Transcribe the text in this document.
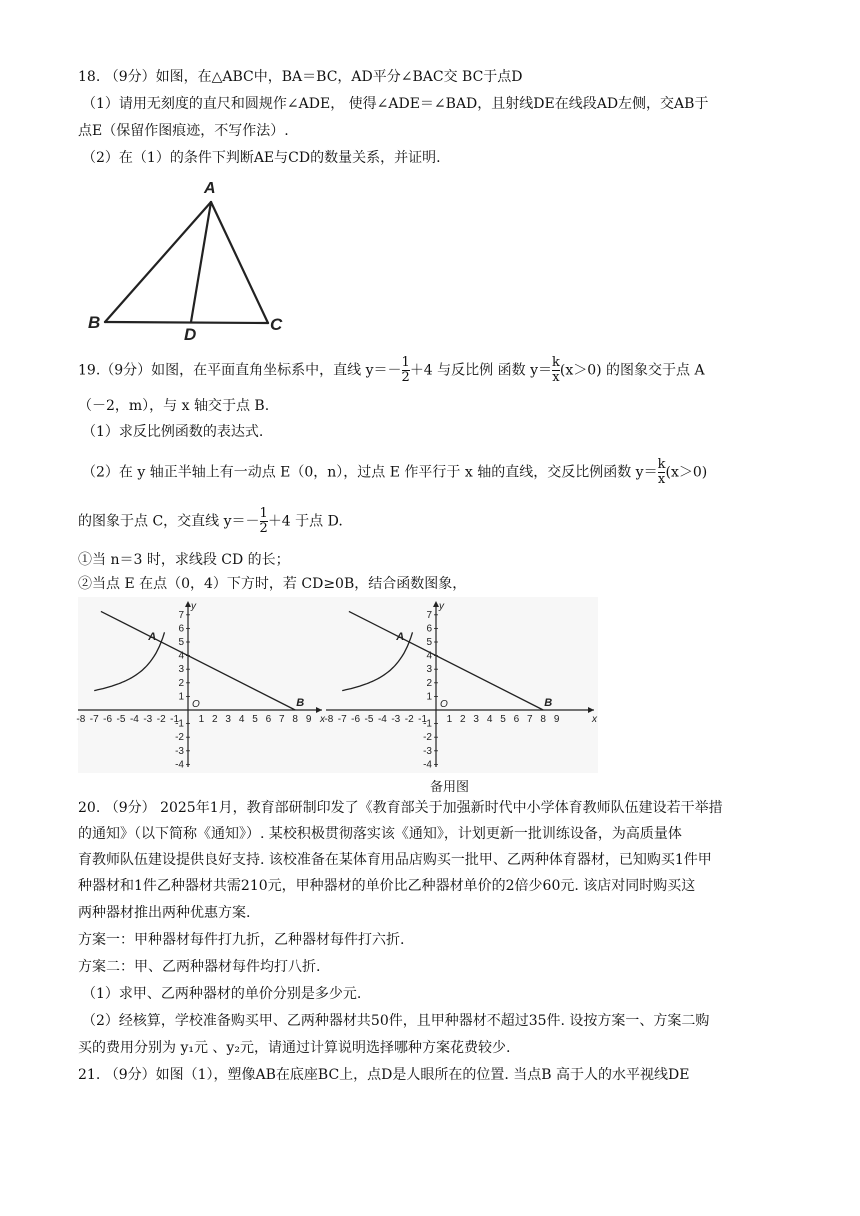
18. （9分）如图，在△ABC中，BA＝BC，AD平分∠BAC交 BC于点D
（1）请用无刻度的直尺和圆规作∠ADE， 使得∠ADE＝∠BAD，且射线DE在线段AD左侧，交AB于
点E（保留作图痕迹，不写作法）.
（2）在（1）的条件下判断AE与CD的数量关系，并证明.
A
B	C
D
19.（9分）如图，在平面直角坐标系中，直线 $y=- \frac{1}{2} +4$ 与反比例 函数 $y= \frac{k}{x} (x>0)$ 的图象交于点 A
（－2，m），与 x 轴交于点 B.
（1）求反比例函数的表达式.
（2）在 y 轴正半轴上有一动点 E（0，n），过点 E 作平行于 x 轴的直线，交反比例函数 $y= \frac{k}{x} (x>0)$
的图象于点 C，交直线 $y=- \frac{1}{2} +4$ 于点 D.
①当 n＝3 时，求线段 CD 的长；
②当点 E 在点（0，4）下方时，若 CD≥0B，结合函数图象，
7
6
5
4
3
2
1
-1
-2
-3
-4
-8 -7 -6 -5 -4 -3 -2 -1 1 2 3 4 5 6 7 8 9
y
x
O
A
B
7
6
5
4
3
2
1
-1
-2
-3
-4
-8 -7 -6 -5 -4 -3 -2 -1 1 2 3 4 5 6 7 8 9
y
x
O
A
B
备用图
20. （9分） 2025年1月，教育部研制印发了《教育部关于加强新时代中小学体育教师队伍建设若干举措
的通知》（以下简称《通知》）. 某校积极贯彻落实该《通知》，计划更新一批训练设备，为高质量体
育教师队伍建设提供良好支持. 该校准备在某体育用品店购买一批甲、乙两种体育器材，已知购买1件甲
种器材和1件乙种器材共需210元，甲种器材的单价比乙种器材单价的2倍少60元. 该店对同时购买这
两种器材推出两种优惠方案.
方案一：甲种器材每件打九折，乙种器材每件打六折.
方案二：甲、乙两种器材每件均打八折.
（1）求甲、乙两种器材的单价分别是多少元.
（2）经核算，学校准备购买甲、乙两种器材共50件，且甲种器材不超过35件. 设按方案一、方案二购
买的费用分别为 y₁元 、y₂元，请通过计算说明选择哪种方案花费较少.
21. （9分）如图（1），塑像AB在底座BC上，点D是人眼所在的位置. 当点B 高于人的水平视线DE
